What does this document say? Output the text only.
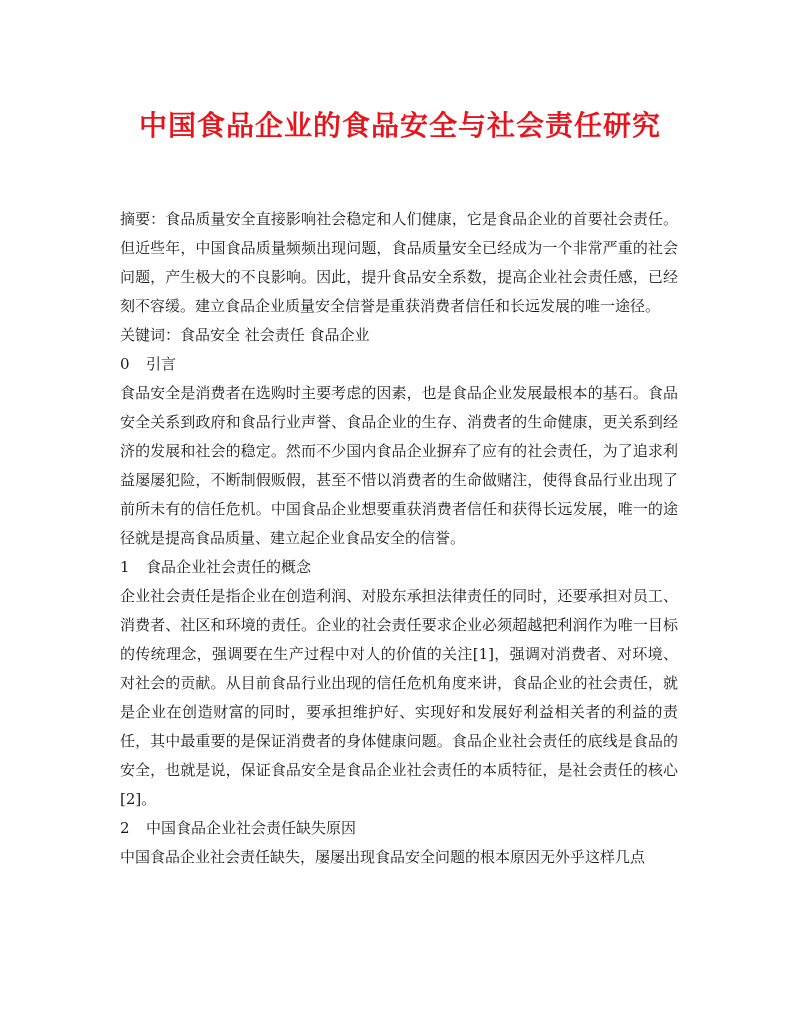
中国食品企业的食品安全与社会责任研究

摘要：食品质量安全直接影响社会稳定和人们健康，它是食品企业的首要社会责任。但近些年，中国食品质量频频出现问题，食品质量安全已经成为一个非常严重的社会问题，产生极大的不良影响。因此，提升食品安全系数，提高企业社会责任感，已经刻不容缓。建立食品企业质量安全信誉是重获消费者信任和长远发展的唯一途径。

关键词：食品安全 社会责任 食品企业

0 引言

食品安全是消费者在选购时主要考虑的因素，也是食品企业发展最根本的基石。食品安全关系到政府和食品行业声誉、食品企业的生存、消费者的生命健康，更关系到经济的发展和社会的稳定。然而不少国内食品企业摒弃了应有的社会责任，为了追求利益屡屡犯险，不断制假贩假，甚至不惜以消费者的生命做赌注，使得食品行业出现了前所未有的信任危机。中国食品企业想要重获消费者信任和获得长远发展，唯一的途径就是提高食品质量、建立起企业食品安全的信誉。

1 食品企业社会责任的概念

企业社会责任是指企业在创造利润、对股东承担法律责任的同时，还要承担对员工、消费者、社区和环境的责任。企业的社会责任要求企业必须超越把利润作为唯一目标的传统理念，强调要在生产过程中对人的价值的关注[1]，强调对消费者、对环境、对社会的贡献。从目前食品行业出现的信任危机角度来讲，食品企业的社会责任，就是企业在创造财富的同时，要承担维护好、实现好和发展好利益相关者的利益的责任，其中最重要的是保证消费者的身体健康问题。食品企业社会责任的底线是食品的安全，也就是说，保证食品安全是食品企业社会责任的本质特征，是社会责任的核心[2]。

2 中国食品企业社会责任缺失原因

中国食品企业社会责任缺失，屡屡出现食品安全问题的根本原因无外乎这样几点
